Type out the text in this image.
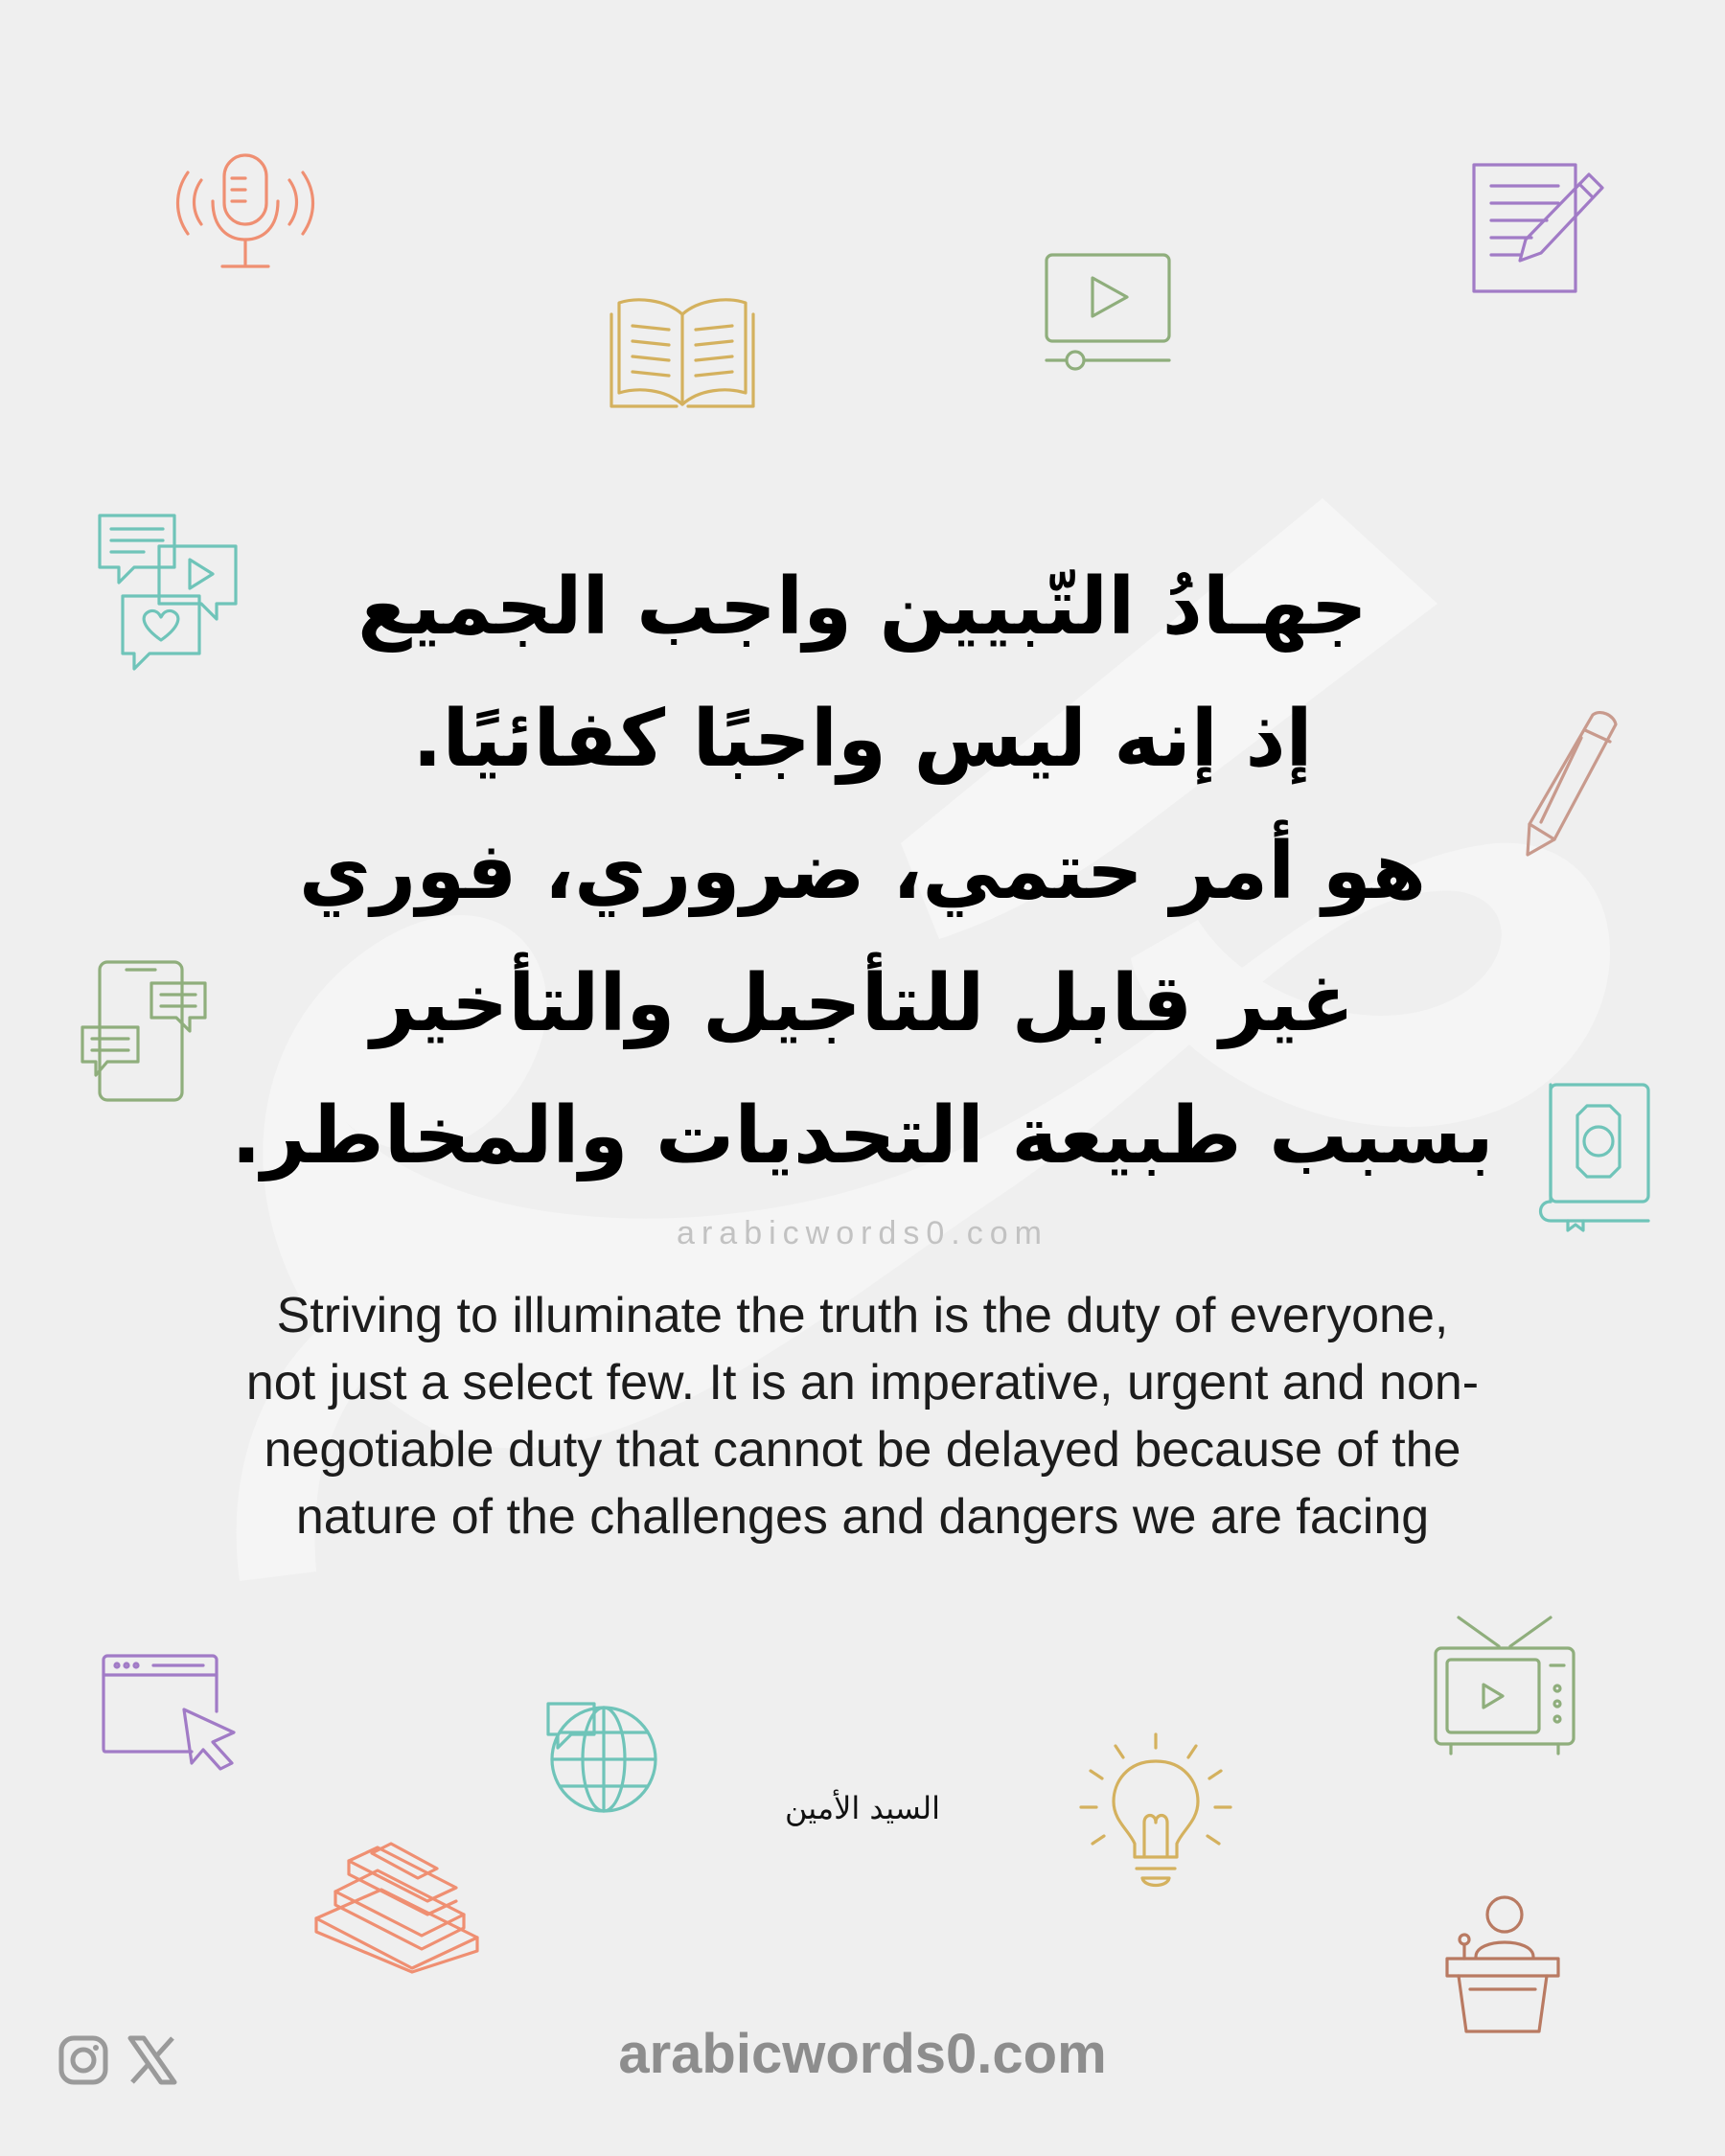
جهـادُ التّبيين واجب الجميع
إذ إنه ليس واجبًا كفائيًا.
هو أمر حتمي، ضروري، فوري
غير قابل للتأجيل والتأخير
بسبب طبيعة التحديات والمخاطر.
arabicwords0.com
Striving to illuminate the truth is the duty of everyone,
not just a select few. It is an imperative, urgent and non-
negotiable duty that cannot be delayed because of the
nature of the challenges and dangers we are facing
السيد الأمين
arabicwords0.com
